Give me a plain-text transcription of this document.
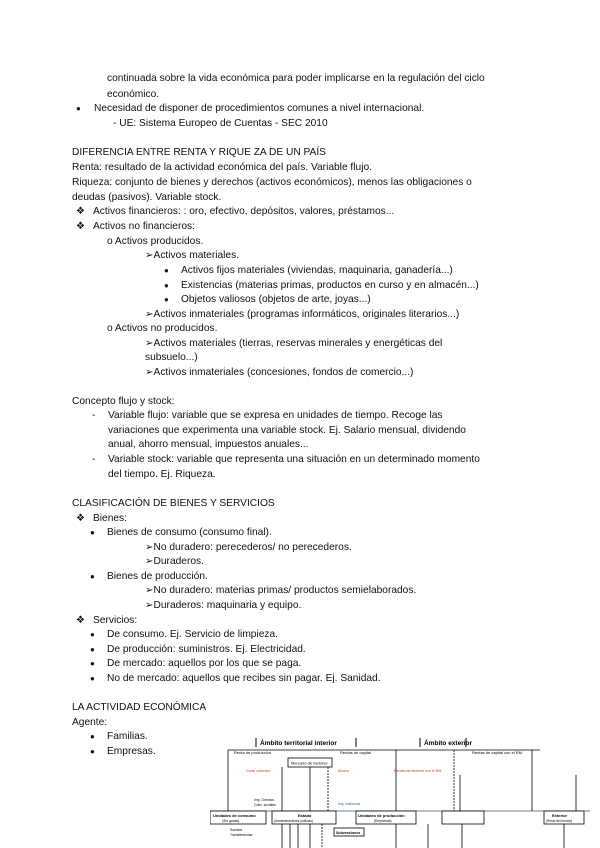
continuada sobre la vida económica para poder implicarse en la regulación del ciclo
económico.
● Necesidad de disponer de procedimientos comunes a nivel internacional.
- UE: Sistema Europeo de Cuentas - SEC 2010
DIFERENCIA ENTRE RENTA Y RIQUE ZA DE UN PAÍS
Renta: resultado de la actividad económica del país. Variable flujo.
Riqueza: conjunto de bienes y derechos (activos económicos), menos las obligaciones o
deudas (pasivos). Variable stock.
❖ Activos financieros: : oro, efectivo, depósitos, valores, préstamos...
❖ Activos no financieros:
o Activos producidos.
➢Activos materiales.
● Activos fijos materiales (viviendas, maquinaria, ganadería...)
● Existencias (materias primas, productos en curso y en almacén...)
● Objetos valiosos (objetos de arte, joyas...)
➢Activos inmateriales (programas informáticos, originales literarios...)
o Activos no producidos.
➢Activos materiales (tierras, reservas minerales y energéticas del
subsuelo...)
➢Activos inmateriales (concesiones, fondos de comercio...)
Concepto flujo y stock:
- Variable flujo: variable que se expresa en unidades de tiempo. Recoge las
variaciones que experimenta una variable stock. Ej. Salario mensual, dividendo
anual, ahorro mensual, impuestos anuales...
- Variable stock: variable que representa una situación en un determinado momento
del tiempo. Ej. Riqueza.
CLASIFICACIÓN DE BIENES Y SERVICIOS
❖ Bienes:
● Bienes de consumo (consumo final).
➢No duradero: perecederos/ no perecederos.
➢Duraderos.
● Bienes de producción.
➢No duradero: materias primas/ productos semielaborados.
➢Duraderos: maquinaria y equipo.
❖ Servicios:
● De consumo. Ej. Servicio de limpieza.
● De producción: suministros. Ej. Electricidad.
● De mercado: aquellos por los que se paga.
● No de mercado: aquellos que recibes sin pagar. Ej. Sanidad.
LA ACTIVIDAD ECONÓMICA
Agente:
● Familias.
● Empresas.
Ámbito territorial interior	Ámbito exterior
Renta de producción	Rentas de capital	Rentas de capital con el RM
Mercado de factores
Cons. colectivo	Ahorro	Rentas de factores con el RM
Imp. Directos
Cotiz. sociales	Imp. Indirectos
Unidades de consumo
(Sin ganas)
Estado
(Administraciones públicas)
Unidades de producción
(Empresas)
Exterior
(Resto del mundo)
Subvenciones
Sueldos
Transferencias
